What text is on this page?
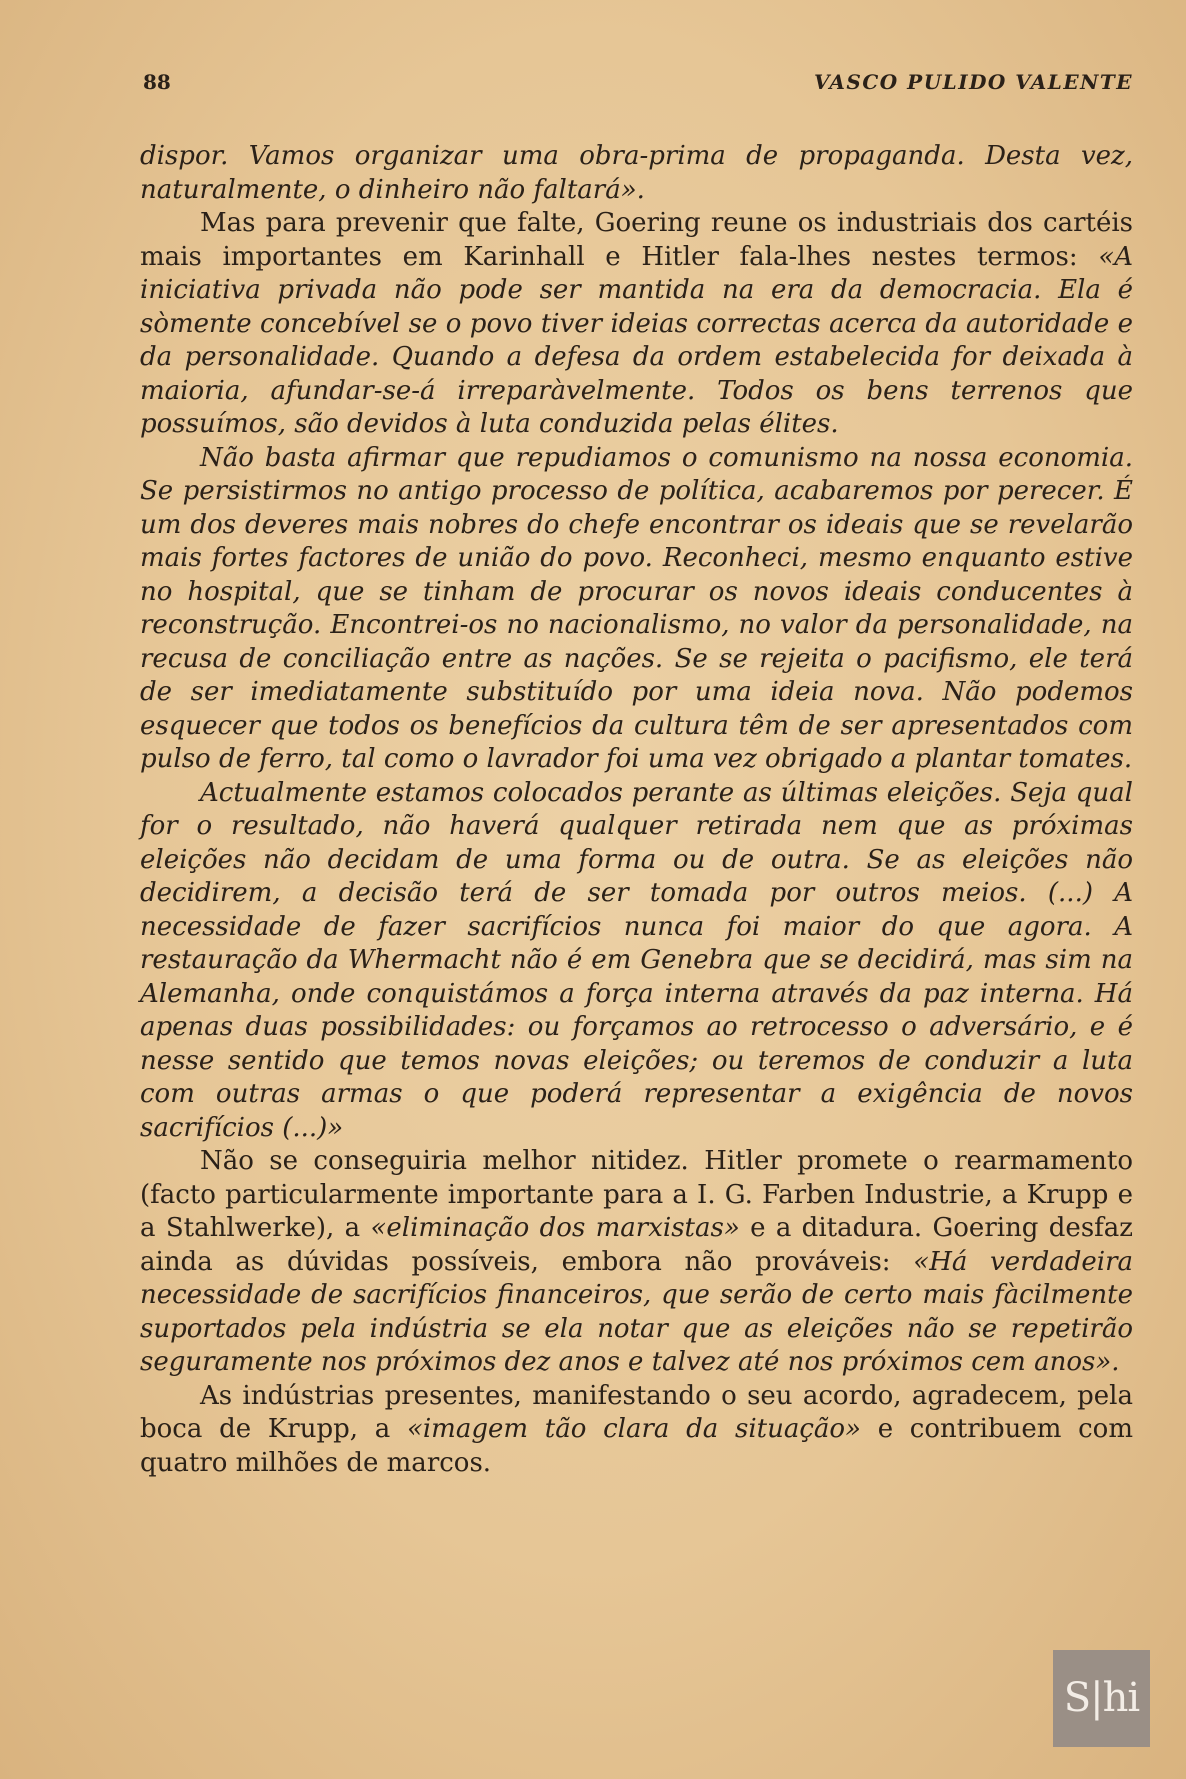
88	VASCO PULIDO VALENTE

dispor. Vamos organizar uma obra-prima de propaganda. Desta vez, naturalmente, o dinheiro não faltará».

Mas para prevenir que falte, Goering reune os industriais dos cartéis mais importantes em Karinhall e Hitler fala-lhes nestes termos: «A iniciativa privada não pode ser mantida na era da democracia. Ela é sòmente concebível se o povo tiver ideias correctas acerca da autoridade e da personalidade. Quando a defesa da ordem estabelecida for deixada à maioria, afundar-se-á irreparàvelmente. Todos os bens terrenos que possuímos, são devidos à luta conduzida pelas élites.

Não basta afirmar que repudiamos o comunismo na nossa economia. Se persistirmos no antigo processo de política, acabaremos por perecer. É um dos deveres mais nobres do chefe encontrar os ideais que se revelarão mais fortes factores de união do povo. Reconheci, mesmo enquanto estive no hospital, que se tinham de procurar os novos ideais conducentes à reconstrução. Encontrei-os no nacionalismo, no valor da personalidade, na recusa de conciliação entre as nações. Se se rejeita o pacifismo, ele terá de ser imediatamente substituído por uma ideia nova. Não podemos esquecer que todos os benefícios da cultura têm de ser apresentados com pulso de ferro, tal como o lavrador foi uma vez obrigado a plantar tomates.

Actualmente estamos colocados perante as últimas eleições. Seja qual for o resultado, não haverá qualquer retirada nem que as próximas eleições não decidam de uma forma ou de outra. Se as eleições não decidirem, a decisão terá de ser tomada por outros meios. (...) A necessidade de fazer sacrifícios nunca foi maior do que agora. A restauração da Whermacht não é em Genebra que se decidirá, mas sim na Alemanha, onde conquistámos a força interna através da paz interna. Há apenas duas possibilidades: ou forçamos ao retrocesso o adversário, e é nesse sentido que temos novas eleições; ou teremos de conduzir a luta com outras armas o que poderá representar a exigência de novos sacrifícios (...)»

Não se conseguiria melhor nitidez. Hitler promete o rearmamento (facto particularmente importante para a I. G. Farben Industrie, a Krupp e a Stahlwerke), a «eliminação dos marxistas» e a ditadura. Goering desfaz ainda as dúvidas possíveis, embora não prováveis: «Há verdadeira necessidade de sacrifícios financeiros, que serão de certo mais fàcilmente suportados pela indústria se ela notar que as eleições não se repetirão seguramente nos próximos dez anos e talvez até nos próximos cem anos».

As indústrias presentes, manifestando o seu acordo, agradecem, pela boca de Krupp, a «imagem tão clara da situação» e contribuem com quatro milhões de marcos.

S|hi
